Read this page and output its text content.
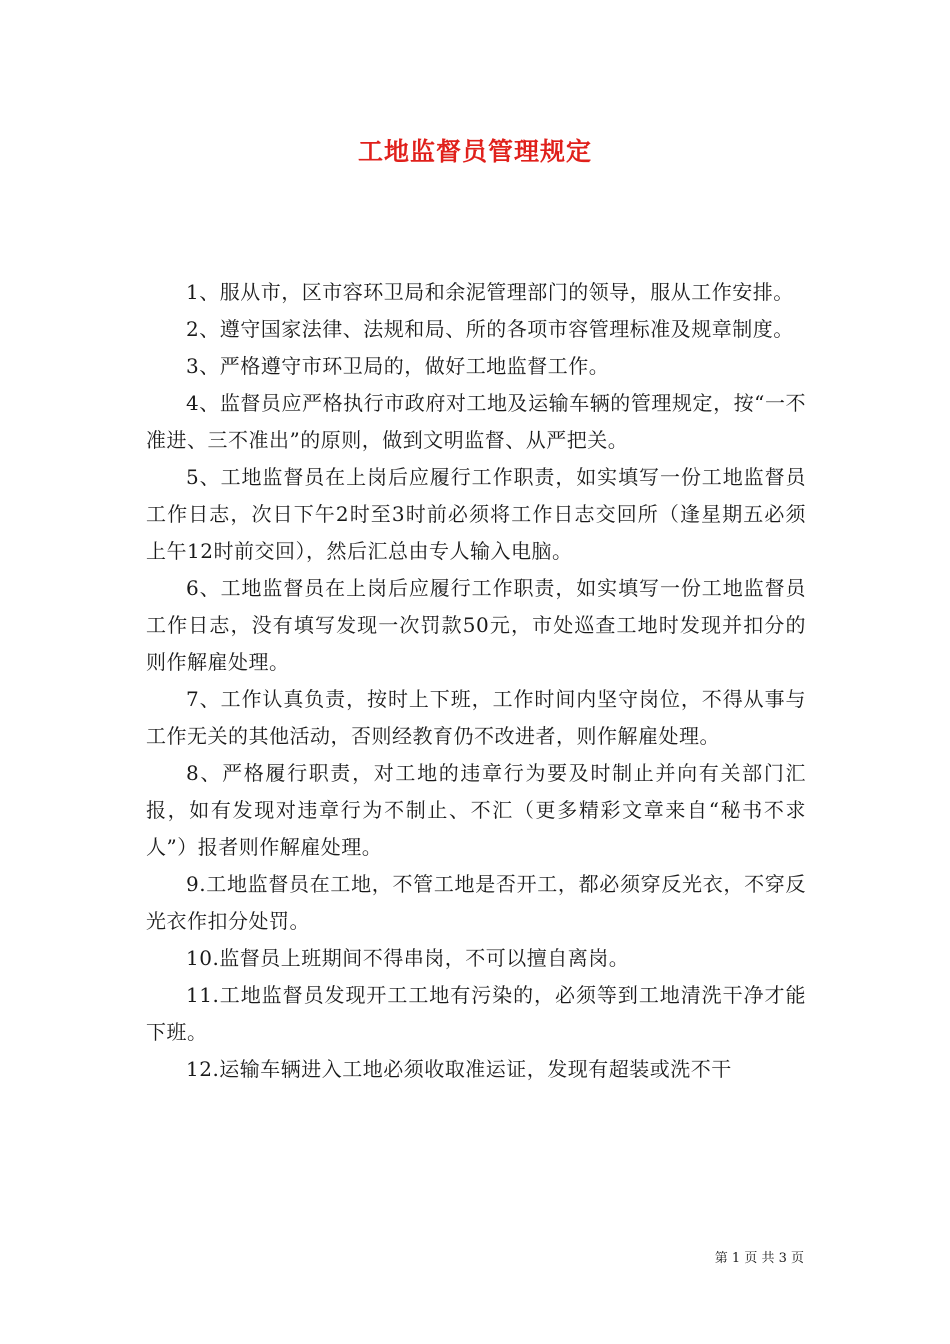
工地监督员管理规定

1、服从市，区市容环卫局和余泥管理部门的领导，服从工作安排。

2、遵守国家法律、法规和局、所的各项市容管理标准及规章制度。

3、严格遵守市环卫局的，做好工地监督工作。

4、监督员应严格执行市政府对工地及运输车辆的管理规定，按“一不准进、三不准出”的原则，做到文明监督、从严把关。

5、工地监督员在上岗后应履行工作职责，如实填写一份工地监督员工作日志，次日下午2时至3时前必须将工作日志交回所（逢星期五必须上午12时前交回），然后汇总由专人输入电脑。

6、工地监督员在上岗后应履行工作职责，如实填写一份工地监督员工作日志，没有填写发现一次罚款50元，市处巡查工地时发现并扣分的则作解雇处理。

7、工作认真负责，按时上下班，工作时间内坚守岗位，不得从事与工作无关的其他活动，否则经教育仍不改进者，则作解雇处理。

8、严格履行职责，对工地的违章行为要及时制止并向有关部门汇报，如有发现对违章行为不制止、不汇（更多精彩文章来自“秘书不求人”）报者则作解雇处理。

9.工地监督员在工地，不管工地是否开工，都必须穿反光衣，不穿反光衣作扣分处罚。

10.监督员上班期间不得串岗，不可以擅自离岗。

11.工地监督员发现开工工地有污染的，必须等到工地清洗干净才能下班。

12.运输车辆进入工地必须收取准运证，发现有超装或洗不干

第 1 页 共 3 页
